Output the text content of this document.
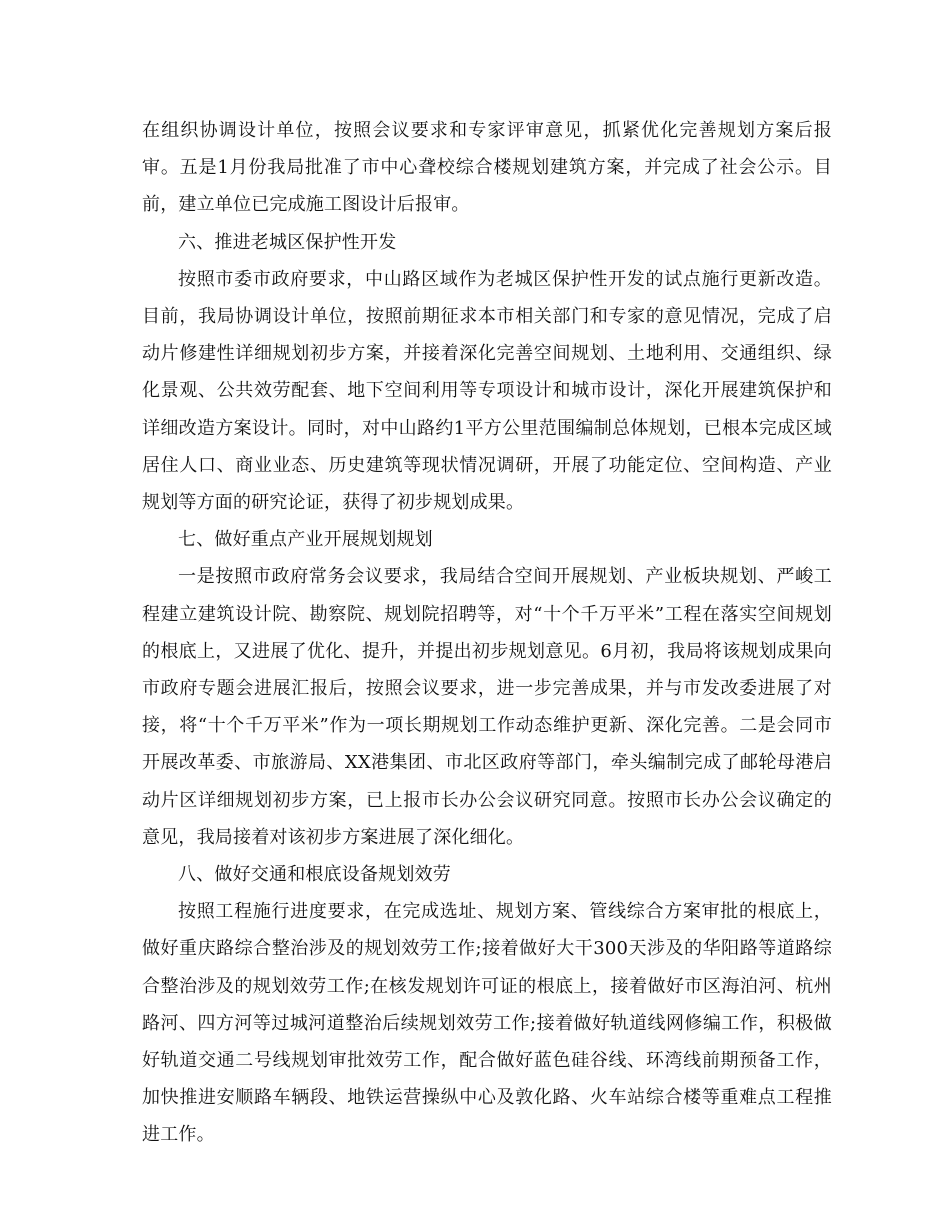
在组织协调设计单位，按照会议要求和专家评审意见，抓紧优化完善规划方案后报审。五是1月份我局批准了市中心聋校综合楼规划建筑方案，并完成了社会公示。目前，建立单位已完成施工图设计后报审。

六、推进老城区保护性开发

按照市委市政府要求，中山路区域作为老城区保护性开发的试点施行更新改造。目前，我局协调设计单位，按照前期征求本市相关部门和专家的意见情况，完成了启动片修建性详细规划初步方案，并接着深化完善空间规划、土地利用、交通组织、绿化景观、公共效劳配套、地下空间利用等专项设计和城市设计，深化开展建筑保护和详细改造方案设计。同时，对中山路约1平方公里范围编制总体规划，已根本完成区域居住人口、商业业态、历史建筑等现状情况调研，开展了功能定位、空间构造、产业规划等方面的研究论证，获得了初步规划成果。

七、做好重点产业开展规划规划

一是按照市政府常务会议要求，我局结合空间开展规划、产业板块规划、严峻工程建立建筑设计院、勘察院、规划院招聘等，对“十个千万平米”工程在落实空间规划的根底上，又进展了优化、提升，并提出初步规划意见。6月初，我局将该规划成果向市政府专题会进展汇报后，按照会议要求，进一步完善成果，并与市发改委进展了对接，将“十个千万平米”作为一项长期规划工作动态维护更新、深化完善。二是会同市开展改革委、市旅游局、XX港集团、市北区政府等部门，牵头编制完成了邮轮母港启动片区详细规划初步方案，已上报市长办公会议研究同意。按照市长办公会议确定的意见，我局接着对该初步方案进展了深化细化。

八、做好交通和根底设备规划效劳

按照工程施行进度要求，在完成选址、规划方案、管线综合方案审批的根底上，做好重庆路综合整治涉及的规划效劳工作;接着做好大干300天涉及的华阳路等道路综合整治涉及的规划效劳工作;在核发规划许可证的根底上，接着做好市区海泊河、杭州路河、四方河等过城河道整治后续规划效劳工作;接着做好轨道线网修编工作，积极做好轨道交通二号线规划审批效劳工作，配合做好蓝色硅谷线、环湾线前期预备工作，加快推进安顺路车辆段、地铁运营操纵中心及敦化路、火车站综合楼等重难点工程推进工作。
